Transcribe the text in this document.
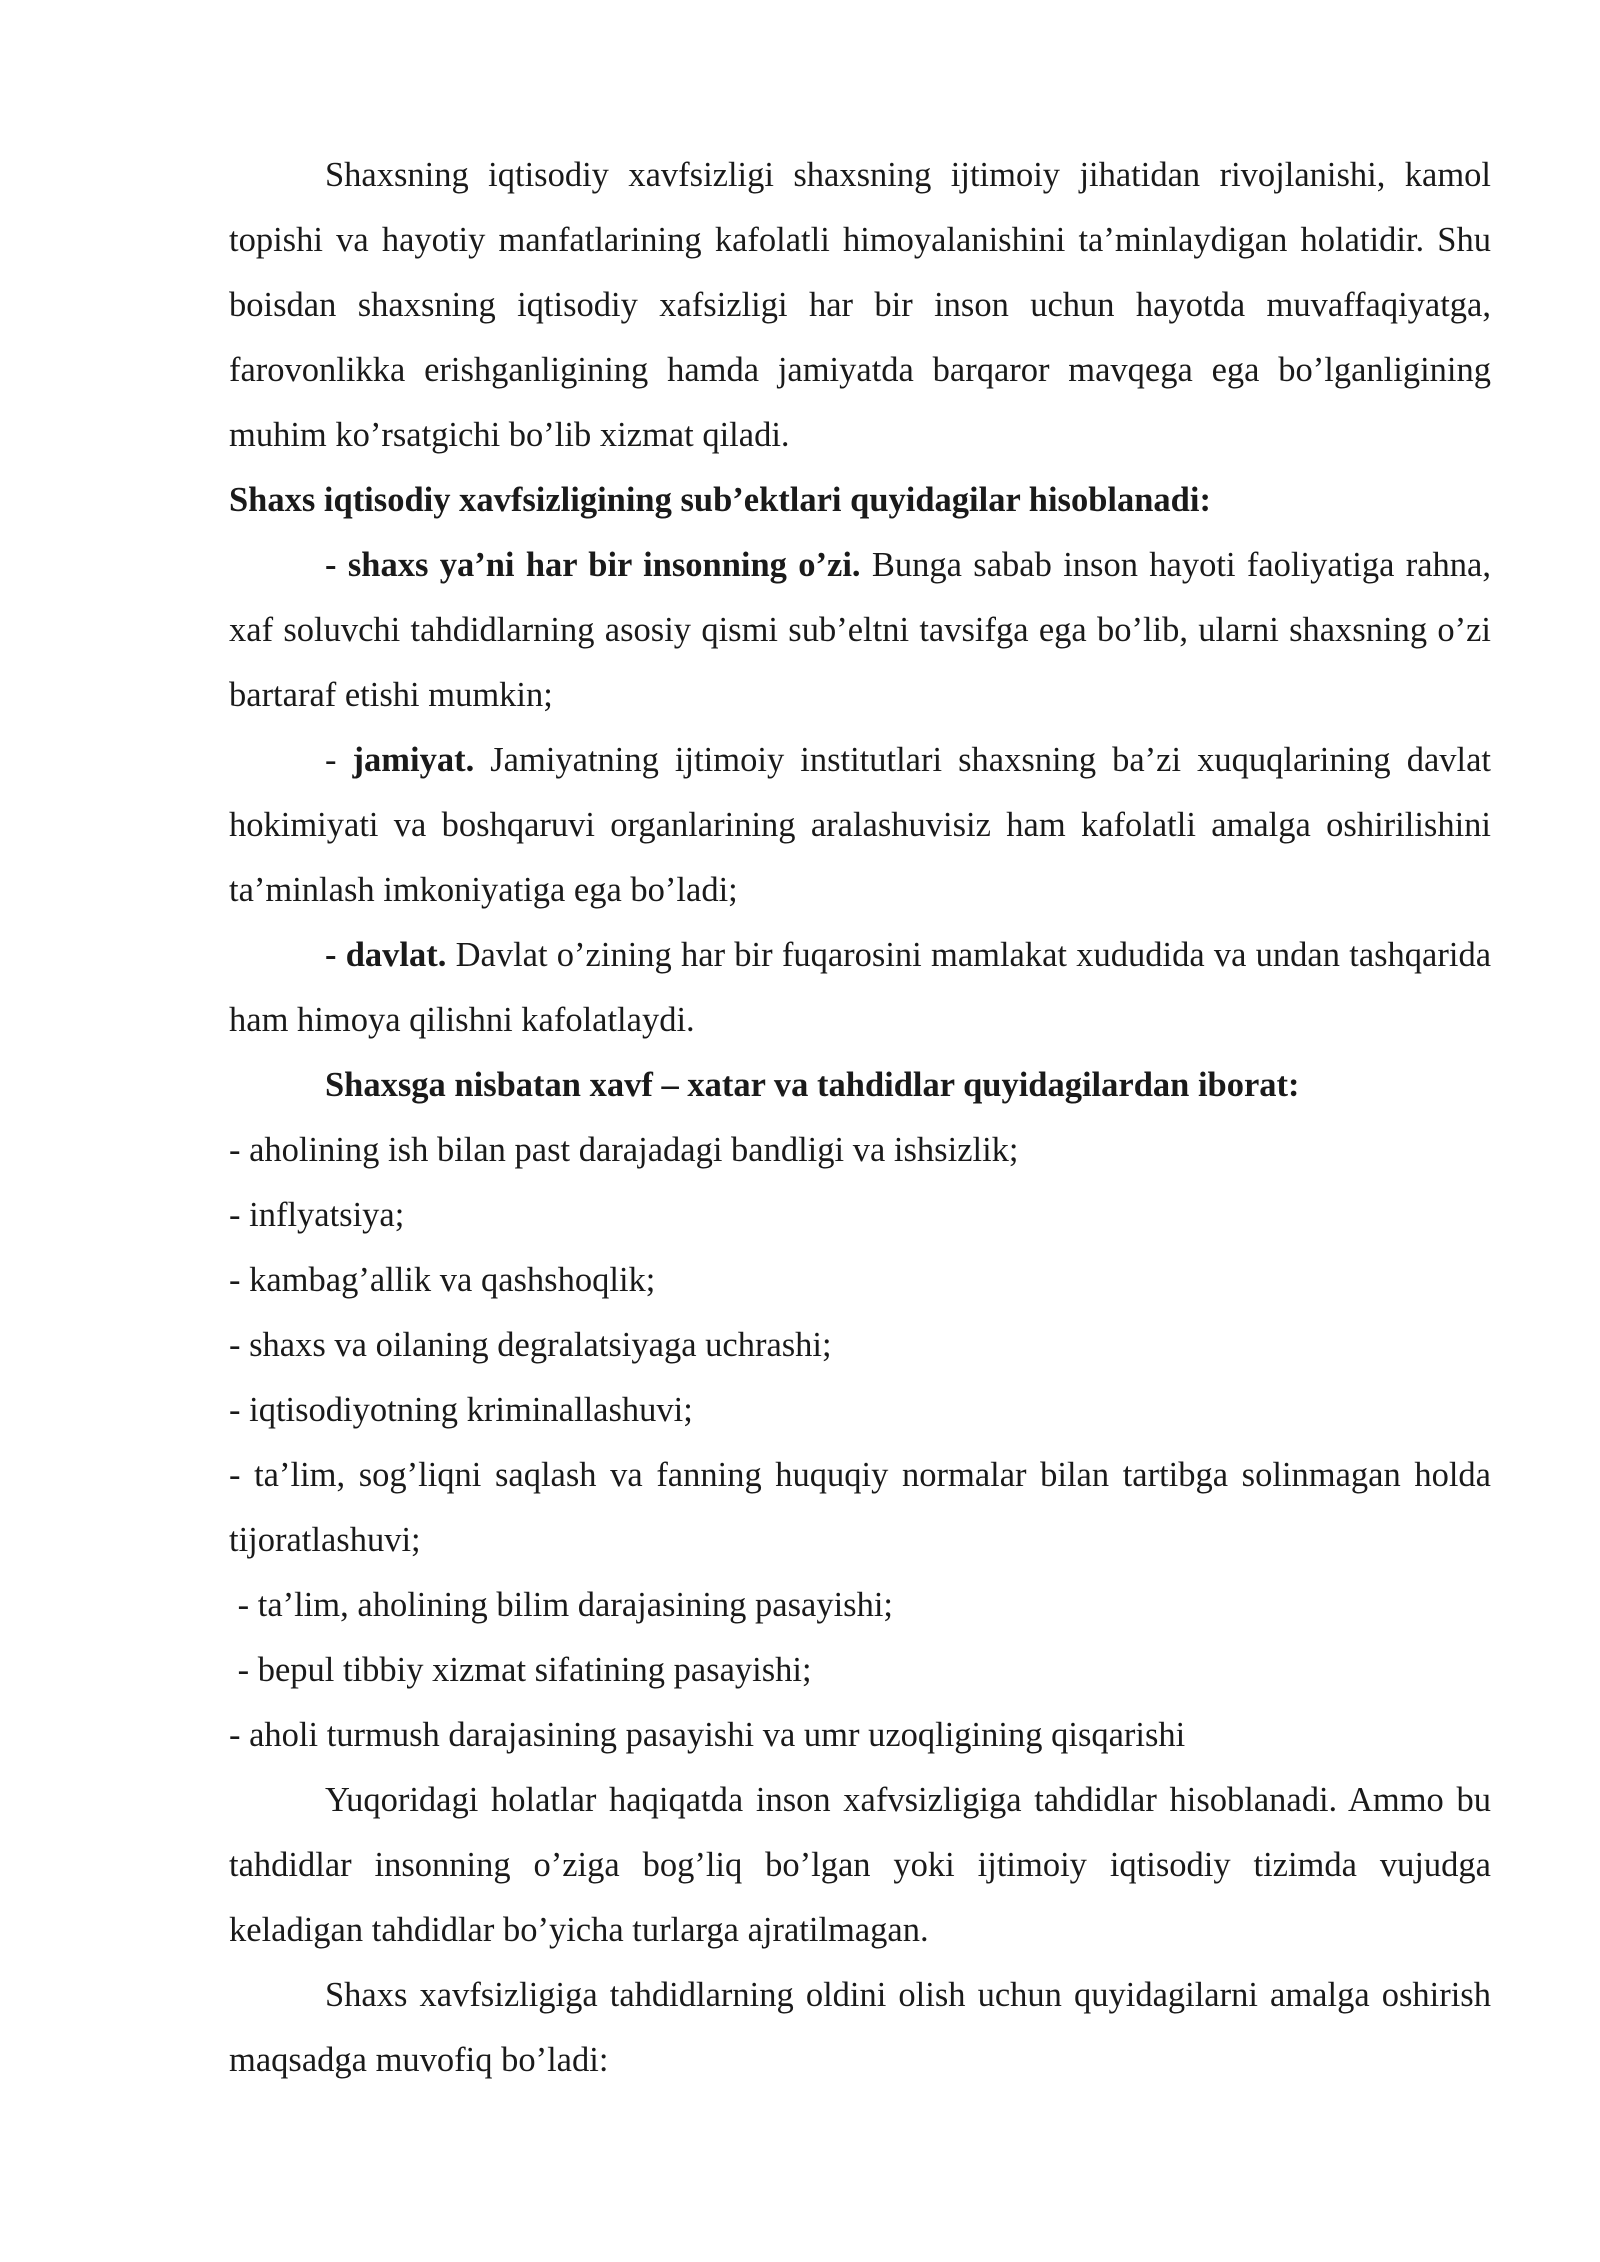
Shaxsning iqtisodiy xavfsizligi shaxsning ijtimoiy jihatidan rivojlanishi, kamol topishi va hayotiy manfatlarining kafolatli himoyalanishini ta’minlaydigan holatidir. Shu boisdan shaxsning iqtisodiy xafsizligi har bir inson uchun hayotda muvaffaqiyatga, farovonlikka erishganligining hamda jamiyatda barqaror mavqega ega bo’lganligining muhim ko’rsatgichi bo’lib xizmat qiladi.

Shaxs iqtisodiy xavfsizligining sub’ektlari quyidagilar hisoblanadi:

- shaxs ya’ni har bir insonning o’zi. Bunga sabab inson hayoti faoliyatiga rahna, xaf soluvchi tahdidlarning asosiy qismi sub’eltni tavsifga ega bo’lib, ularni shaxsning o’zi bartaraf etishi mumkin;

- jamiyat. Jamiyatning ijtimoiy institutlari shaxsning ba’zi xuquqlarining davlat hokimiyati va boshqaruvi organlarining aralashuvisiz ham kafolatli amalga oshirilishini ta’minlash imkoniyatiga ega bo’ladi;

- davlat. Davlat o’zining har bir fuqarosini mamlakat xududida va undan tashqarida ham himoya qilishni kafolatlaydi.

Shaxsga nisbatan xavf – xatar va tahdidlar quyidagilardan iborat:

- aholining ish bilan past darajadagi bandligi va ishsizlik;

- inflyatsiya;

- kambag’allik va qashshoqlik;

- shaxs va oilaning degralatsiyaga uchrashi;

- iqtisodiyotning kriminallashuvi;

- ta’lim, sog’liqni saqlash va fanning huquqiy normalar bilan tartibga solinmagan holda tijoratlashuvi;

- ta’lim, aholining bilim darajasining pasayishi;

- bepul tibbiy xizmat sifatining pasayishi;

- aholi turmush darajasining pasayishi va umr uzoqligining qisqarishi

Yuqoridagi holatlar haqiqatda inson xafvsizligiga tahdidlar hisoblanadi. Ammo bu tahdidlar insonning o’ziga bog’liq bo’lgan yoki ijtimoiy iqtisodiy tizimda vujudga keladigan tahdidlar bo’yicha turlarga ajratilmagan.

Shaxs xavfsizligiga tahdidlarning oldini olish uchun quyidagilarni amalga oshirish maqsadga muvofiq bo’ladi:
